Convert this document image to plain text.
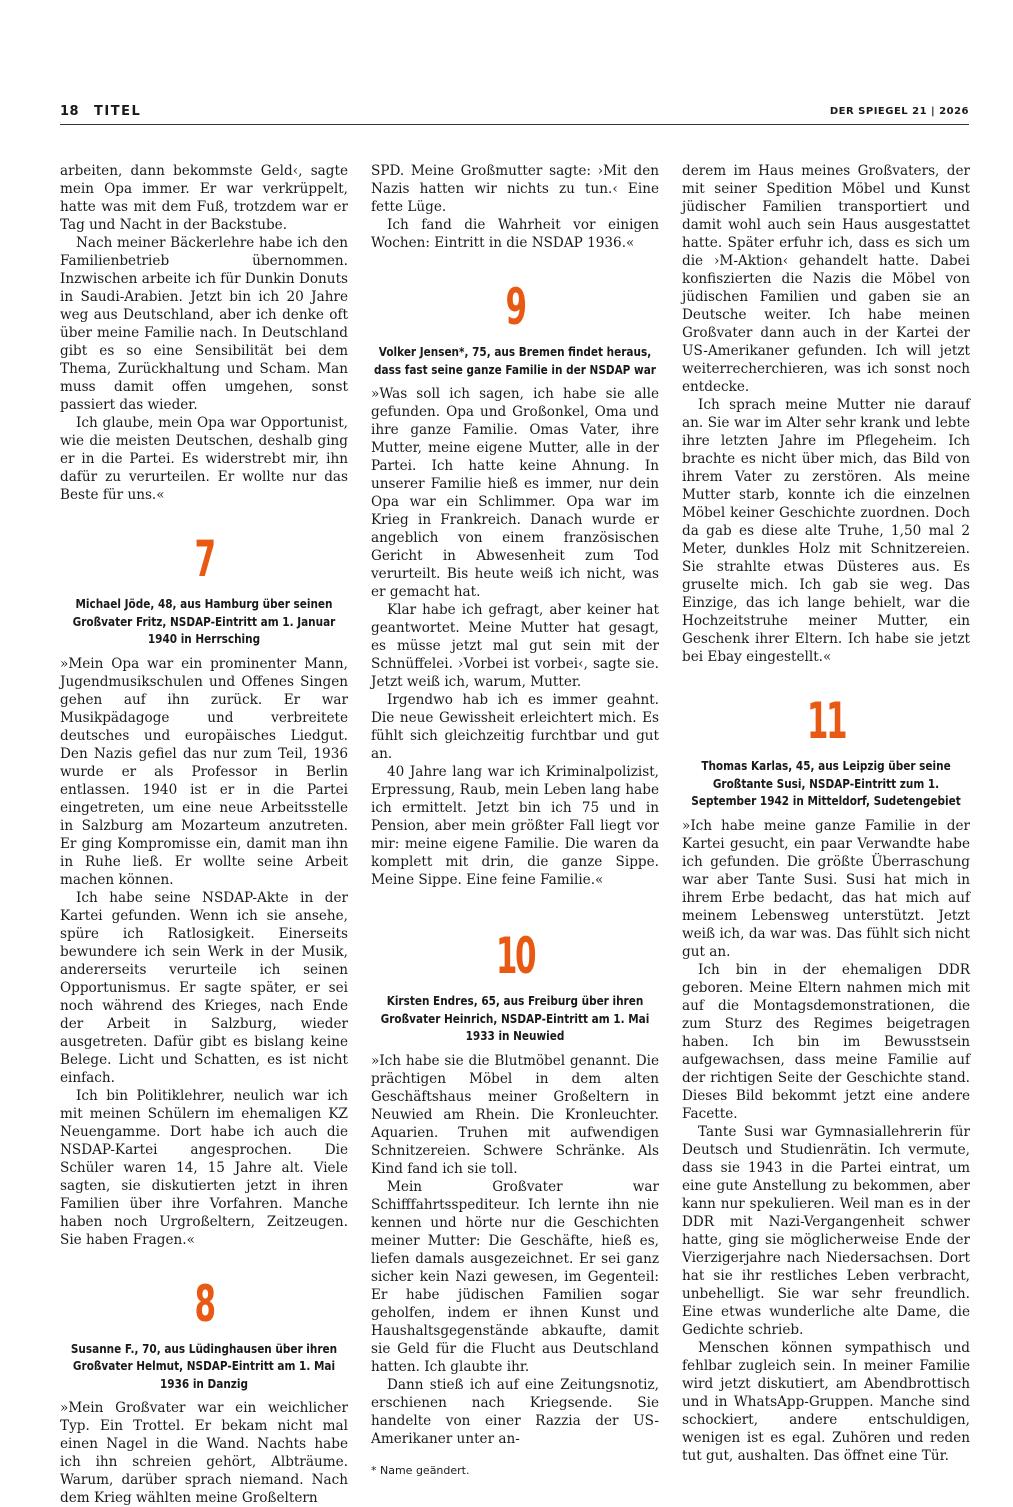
18 TITEL	DER SPIEGEL 21 | 2026

arbeiten, dann bekommste Geld‹, sagte mein Opa immer. Er war verkrüppelt, hatte was mit dem Fuß, trotzdem war er Tag und Nacht in der Backstube.

Nach meiner Bäckerlehre habe ich den Familienbetrieb übernommen. Inzwischen arbeite ich für Dunkin Donuts in Saudi-Arabien. Jetzt bin ich 20 Jahre weg aus Deutschland, aber ich denke oft über meine Familie nach. In Deutschland gibt es so eine Sensibilität bei dem Thema, Zurückhaltung und Scham. Man muss damit offen umgehen, sonst passiert das wieder.

Ich glaube, mein Opa war Opportunist, wie die meisten Deutschen, deshalb ging er in die Partei. Es widerstrebt mir, ihn dafür zu verurteilen. Er wollte nur das Beste für uns.«

7
Michael Jöde, 48, aus Hamburg über seinen Großvater Fritz, NSDAP-Eintritt am 1. Januar 1940 in Herrsching

»Mein Opa war ein prominenter Mann, Jugendmusikschulen und Offenes Singen gehen auf ihn zurück. Er war Musikpädagoge und verbreitete deutsches und europäisches Liedgut. Den Nazis gefiel das nur zum Teil, 1936 wurde er als Professor in Berlin entlassen. 1940 ist er in die Partei eingetreten, um eine neue Arbeitsstelle in Salzburg am Mozarteum anzutreten. Er ging Kompromisse ein, damit man ihn in Ruhe ließ. Er wollte seine Arbeit machen können.

Ich habe seine NSDAP-Akte in der Kartei gefunden. Wenn ich sie ansehe, spüre ich Ratlosigkeit. Einerseits bewundere ich sein Werk in der Musik, andererseits verurteile ich seinen Opportunismus. Er sagte später, er sei noch während des Krieges, nach Ende der Arbeit in Salzburg, wieder ausgetreten. Dafür gibt es bislang keine Belege. Licht und Schatten, es ist nicht einfach.

Ich bin Politiklehrer, neulich war ich mit meinen Schülern im ehemaligen KZ Neuengamme. Dort habe ich auch die NSDAP-Kartei angesprochen. Die Schüler waren 14, 15 Jahre alt. Viele sagten, sie diskutierten jetzt in ihren Familien über ihre Vorfahren. Manche haben noch Urgroßeltern, Zeitzeugen. Sie haben Fragen.«

8
Susanne F., 70, aus Lüdinghausen über ihren Großvater Helmut, NSDAP-Eintritt am 1. Mai 1936 in Danzig

»Mein Großvater war ein weichlicher Typ. Ein Trottel. Er bekam nicht mal einen Nagel in die Wand. Nachts habe ich ihn schreien gehört, Albträume. Warum, darüber sprach niemand. Nach dem Krieg wählten meine Großeltern

SPD. Meine Großmutter sagte: ›Mit den Nazis hatten wir nichts zu tun.‹ Eine fette Lüge.

Ich fand die Wahrheit vor einigen Wochen: Eintritt in die NSDAP 1936.«

9
Volker Jensen*, 75, aus Bremen findet heraus, dass fast seine ganze Familie in der NSDAP war

»Was soll ich sagen, ich habe sie alle gefunden. Opa und Großonkel, Oma und ihre ganze Familie. Omas Vater, ihre Mutter, meine eigene Mutter, alle in der Partei. Ich hatte keine Ahnung. In unserer Familie hieß es immer, nur dein Opa war ein Schlimmer. Opa war im Krieg in Frankreich. Danach wurde er angeblich von einem französischen Gericht in Abwesenheit zum Tod verurteilt. Bis heute weiß ich nicht, was er gemacht hat.

Klar habe ich gefragt, aber keiner hat geantwortet. Meine Mutter hat gesagt, es müsse jetzt mal gut sein mit der Schnüffelei. ›Vorbei ist vorbei‹, sagte sie. Jetzt weiß ich, warum, Mutter.

Irgendwo hab ich es immer geahnt. Die neue Gewissheit erleichtert mich. Es fühlt sich gleichzeitig furchtbar und gut an.

40 Jahre lang war ich Kriminalpolizist, Erpressung, Raub, mein Leben lang habe ich ermittelt. Jetzt bin ich 75 und in Pension, aber mein größter Fall liegt vor mir: meine eigene Familie. Die waren da komplett mit drin, die ganze Sippe. Meine Sippe. Eine feine Familie.«

10
Kirsten Endres, 65, aus Freiburg über ihren Großvater Heinrich, NSDAP-Eintritt am 1. Mai 1933 in Neuwied

»Ich habe sie die Blutmöbel genannt. Die prächtigen Möbel in dem alten Geschäftshaus meiner Großeltern in Neuwied am Rhein. Die Kronleuchter. Aquarien. Truhen mit aufwendigen Schnitzereien. Schwere Schränke. Als Kind fand ich sie toll.

Mein Großvater war Schifffahrtsspediteur. Ich lernte ihn nie kennen und hörte nur die Geschichten meiner Mutter: Die Geschäfte, hieß es, liefen damals ausgezeichnet. Er sei ganz sicher kein Nazi gewesen, im Gegenteil: Er habe jüdischen Familien sogar geholfen, indem er ihnen Kunst und Haushaltsgegenstände abkaufte, damit sie Geld für die Flucht aus Deutschland hatten. Ich glaubte ihr.

Dann stieß ich auf eine Zeitungsnotiz, erschienen nach Kriegsende. Sie handelte von einer Razzia der US-Amerikaner unter an-

* Name geändert.

derem im Haus meines Großvaters, der mit seiner Spedition Möbel und Kunst jüdischer Familien transportiert und damit wohl auch sein Haus ausgestattet hatte. Später erfuhr ich, dass es sich um die ›M-Aktion‹ gehandelt hatte. Dabei konfiszierten die Nazis die Möbel von jüdischen Familien und gaben sie an Deutsche weiter. Ich habe meinen Großvater dann auch in der Kartei der US-Amerikaner gefunden. Ich will jetzt weiterrecherchieren, was ich sonst noch entdecke.

Ich sprach meine Mutter nie darauf an. Sie war im Alter sehr krank und lebte ihre letzten Jahre im Pflegeheim. Ich brachte es nicht über mich, das Bild von ihrem Vater zu zerstören. Als meine Mutter starb, konnte ich die einzelnen Möbel keiner Geschichte zuordnen. Doch da gab es diese alte Truhe, 1,50 mal 2 Meter, dunkles Holz mit Schnitzereien. Sie strahlte etwas Düsteres aus. Es gruselte mich. Ich gab sie weg. Das Einzige, das ich lange behielt, war die Hochzeitstruhe meiner Mutter, ein Geschenk ihrer Eltern. Ich habe sie jetzt bei Ebay eingestellt.«

11
Thomas Karlas, 45, aus Leipzig über seine Großtante Susi, NSDAP-Eintritt zum 1. September 1942 in Mitteldorf, Sudetengebiet

»Ich habe meine ganze Familie in der Kartei gesucht, ein paar Verwandte habe ich gefunden. Die größte Überraschung war aber Tante Susi. Susi hat mich in ihrem Erbe bedacht, das hat mich auf meinem Lebensweg unterstützt. Jetzt weiß ich, da war was. Das fühlt sich nicht gut an.

Ich bin in der ehemaligen DDR geboren. Meine Eltern nahmen mich mit auf die Montagsdemonstrationen, die zum Sturz des Regimes beigetragen haben. Ich bin im Bewusstsein aufgewachsen, dass meine Familie auf der richtigen Seite der Geschichte stand. Dieses Bild bekommt jetzt eine andere Facette.

Tante Susi war Gymnasiallehrerin für Deutsch und Studienrätin. Ich vermute, dass sie 1943 in die Partei eintrat, um eine gute Anstellung zu bekommen, aber kann nur spekulieren. Weil man es in der DDR mit Nazi-Vergangenheit schwer hatte, ging sie möglicherweise Ende der Vierzigerjahre nach Niedersachsen. Dort hat sie ihr restliches Leben verbracht, unbehelligt. Sie war sehr freundlich. Eine etwas wunderliche alte Dame, die Gedichte schrieb.

Menschen können sympathisch und fehlbar zugleich sein. In meiner Familie wird jetzt diskutiert, am Abendbrottisch und in WhatsApp-Gruppen. Manche sind schockiert, andere entschuldigen, wenigen ist es egal. Zuhören und reden tut gut, aushalten. Das öffnet eine Tür.
